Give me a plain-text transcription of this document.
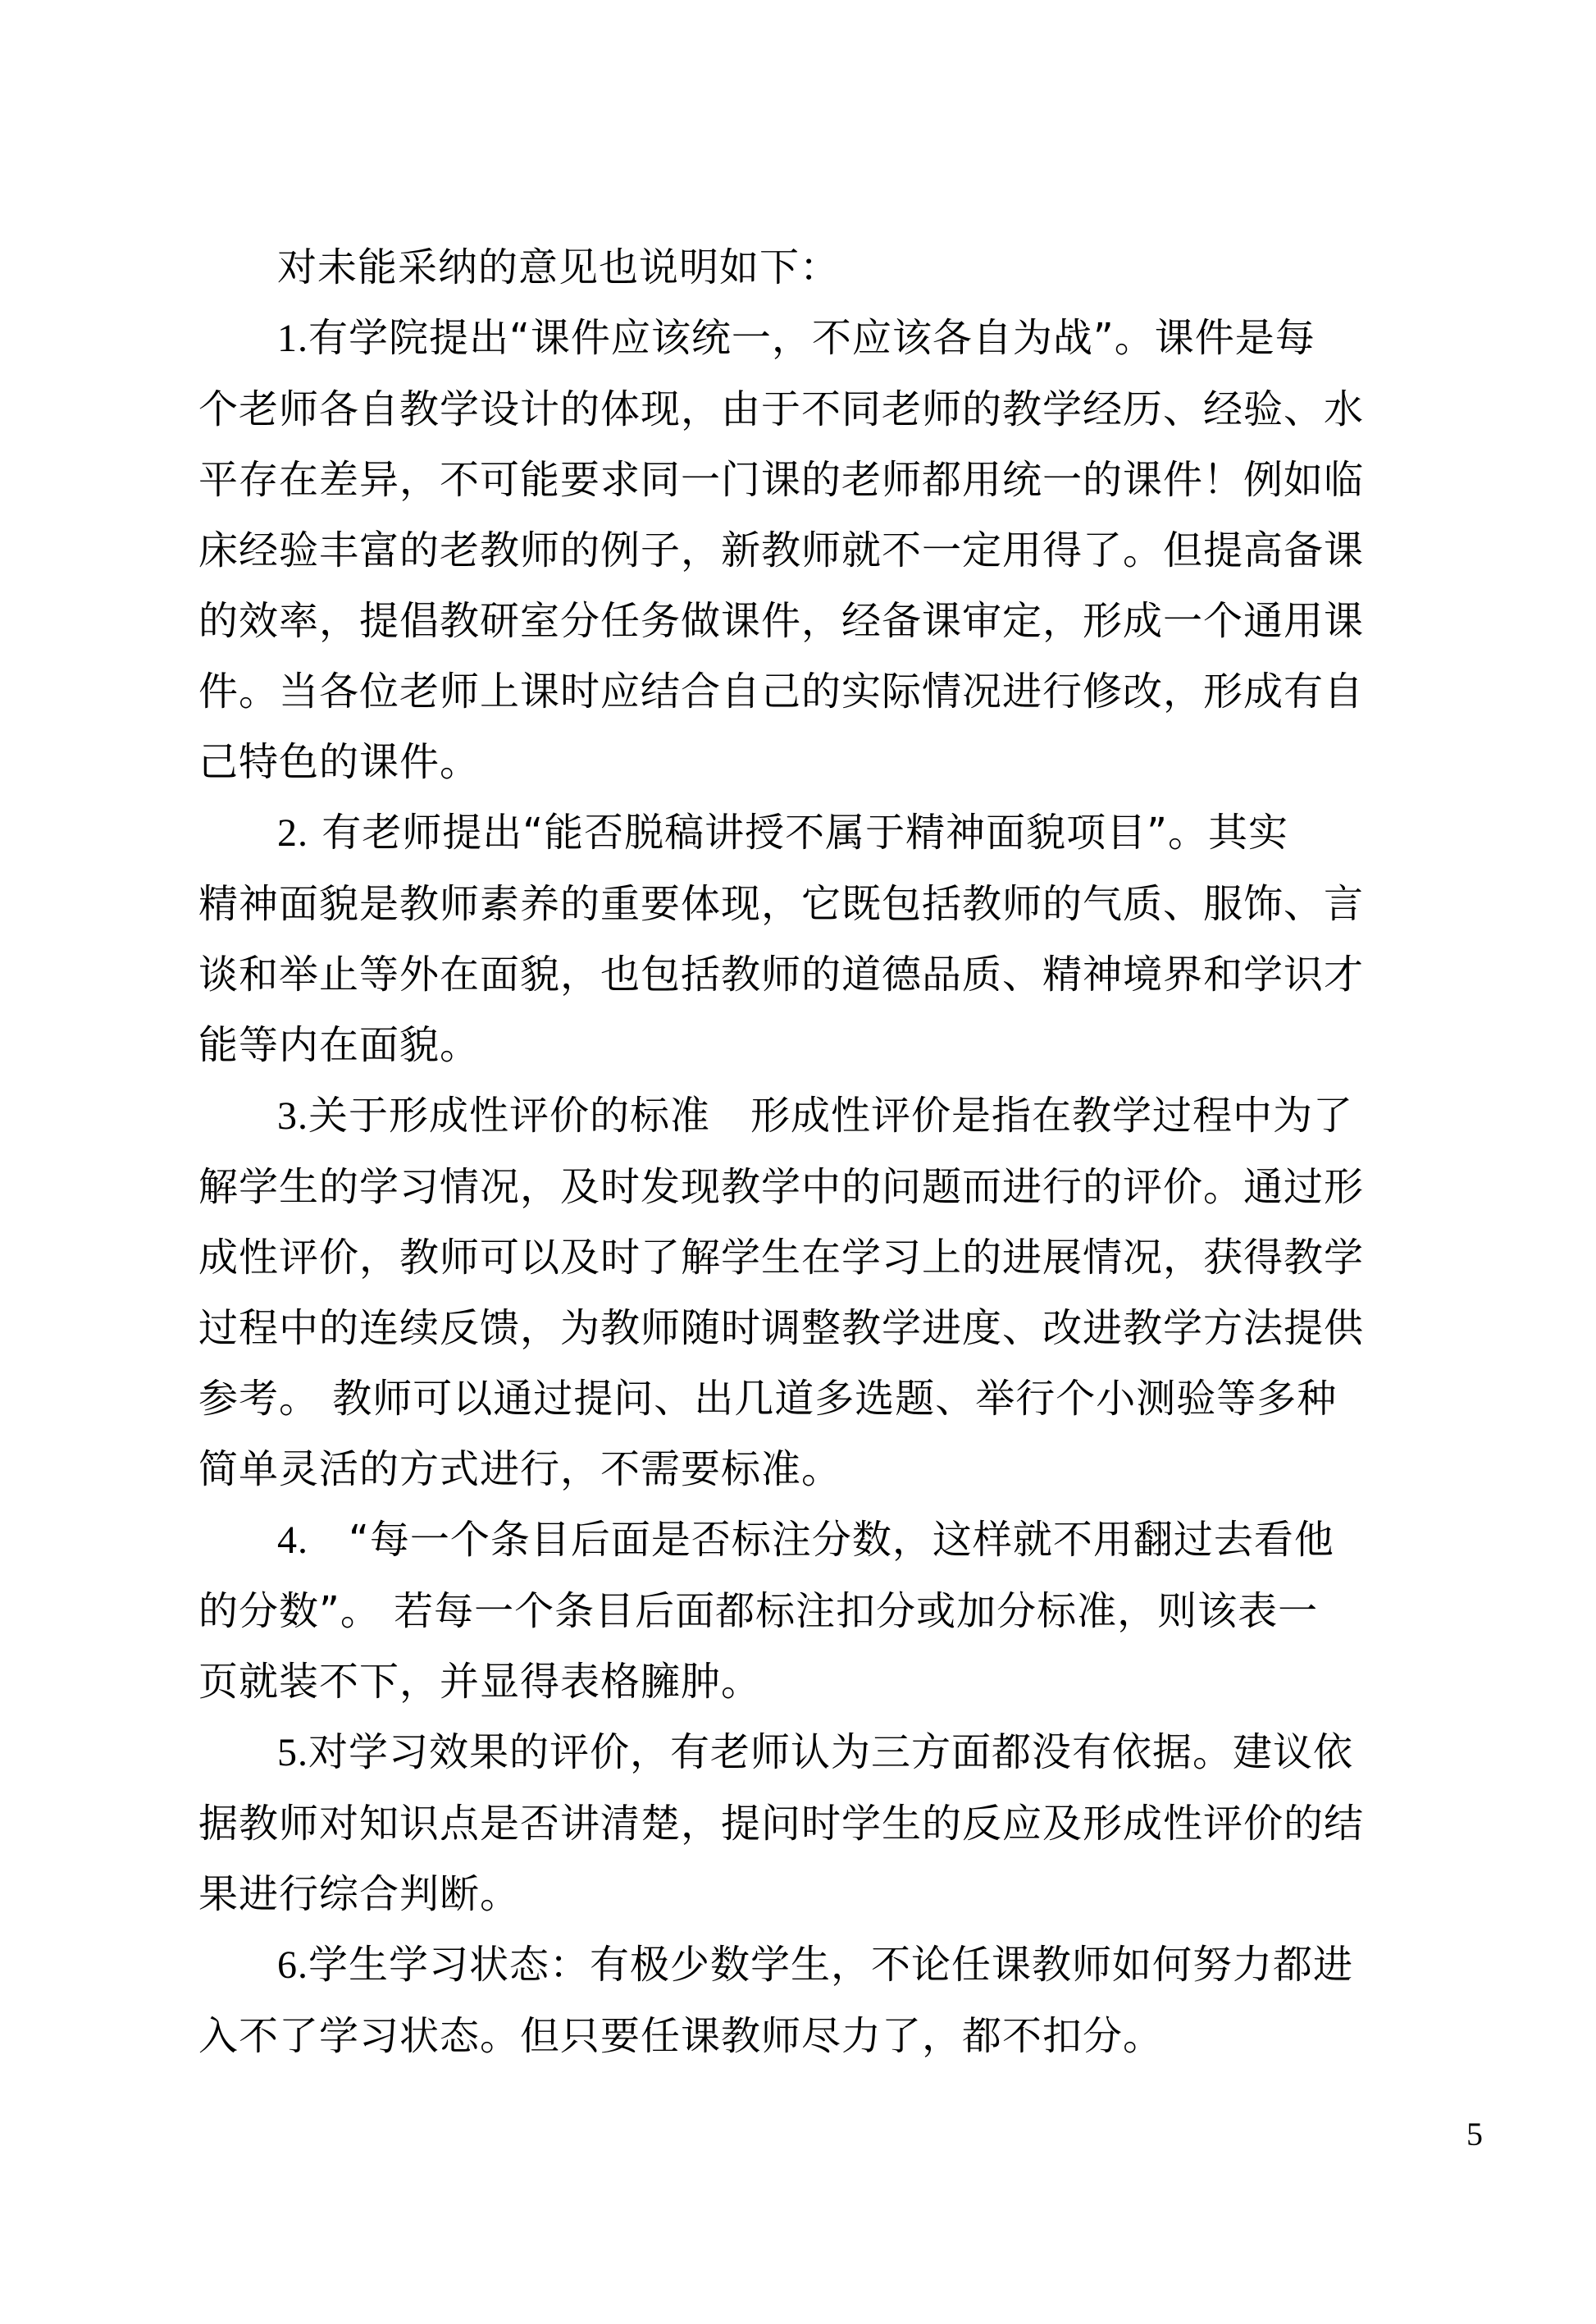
对未能采纳的意见也说明如下：

1.有学院提出“课件应该统一，不应该各自为战”。课件是每
个老师各自教学设计的体现，由于不同老师的教学经历、经验、水
平存在差异，不可能要求同一门课的老师都用统一的课件！例如临
床经验丰富的老教师的例子，新教师就不一定用得了。但提高备课
的效率，提倡教研室分任务做课件，经备课审定，形成一个通用课
件。当各位老师上课时应结合自己的实际情况进行修改，形成有自
己特色的课件。

2. 有老师提出“能否脱稿讲授不属于精神面貌项目”。其实
精神面貌是教师素养的重要体现，它既包括教师的气质、服饰、言
谈和举止等外在面貌，也包括教师的道德品质、精神境界和学识才
能等内在面貌。

3.关于形成性评价的标准　形成性评价是指在教学过程中为了
解学生的学习情况，及时发现教学中的问题而进行的评价。通过形
成性评价，教师可以及时了解学生在学习上的进展情况，获得教学
过程中的连续反馈，为教师随时调整教学进度、改进教学方法提供
参考。 教师可以通过提问、出几道多选题、举行个小测验等多种
简单灵活的方式进行，不需要标准。

4.　“每一个条目后面是否标注分数，这样就不用翻过去看他
的分数”。 若每一个条目后面都标注扣分或加分标准，则该表一
页就装不下，并显得表格臃肿。

5.对学习效果的评价，有老师认为三方面都没有依据。建议依
据教师对知识点是否讲清楚，提问时学生的反应及形成性评价的结
果进行综合判断。

6.学生学习状态：有极少数学生，不论任课教师如何努力都进
入不了学习状态。但只要任课教师尽力了，都不扣分。

5
